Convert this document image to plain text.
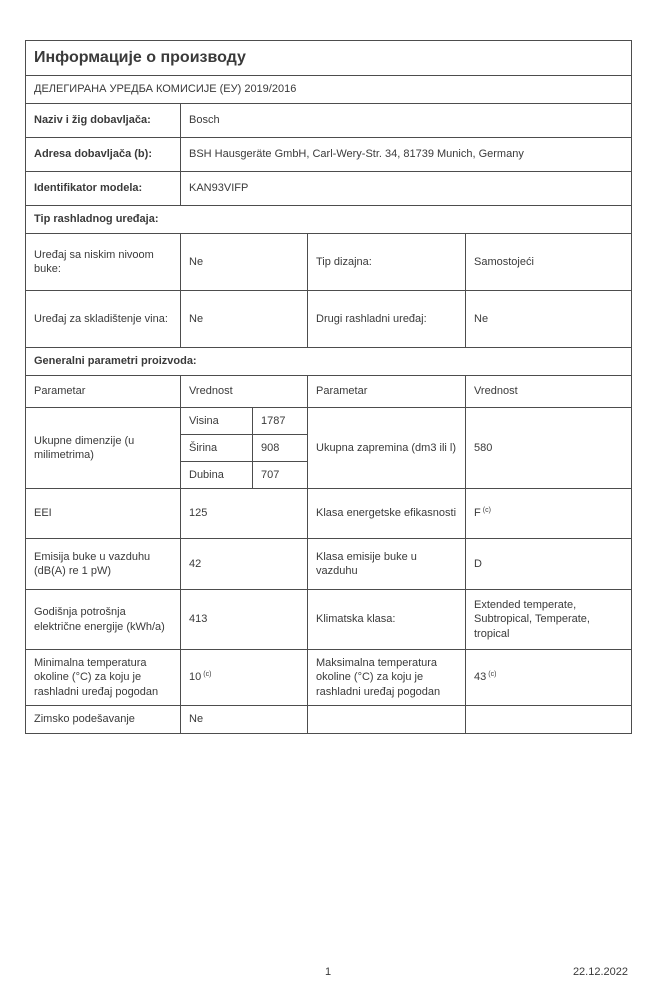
Информације о производу				
ДЕЛЕГИРАНА УРЕДБА КОМИСИЈЕ (ЕУ) 2019/2016				
Naziv i žig dobavljača:	Bosch			
Adresa dobavljača (b):	BSH Hausgeräte GmbH, Carl-Wery-Str. 34, 81739 Munich, Germany			
Identifikator modela:	KAN93VIFP			
Tip rashladnog uređaja:				
Uređaj sa niskim nivoom buke:	Ne		Tip dizajna:	Samostojeći
Uređaj za skladištenje vina:	Ne		Drugi rashladni uređaj:	Ne
Generalni parametri proizvoda:				
Parametar	Vrednost		Parametar	Vrednost
Ukupne dimenzije (u milimetrima)	Visina	1787	Ukupna zapremina (dm3 ili l)	580
	Širina	908		
	Dubina	707		
EEI	125		Klasa energetske efikasnosti	F $^{(c)}$
Emisija buke u vazduhu (dB(A) re 1 pW)	42		Klasa emisije buke u vazduhu	D
Godišnja potrošnja električne energije (kWh/a)	413		Klimatska klasa:	Extended temperate, Subtropical, Temperate, tropical
Minimalna temperatura okoline (°C) za koju je rashladni uređaj pogodan	10 $^{(c)}$		Maksimalna temperatura okoline (°C) za koju je rashladni uređaj pogodan	43 $^{(c)}$
Zimsko podešavanje	Ne			
1	22.12.2022
